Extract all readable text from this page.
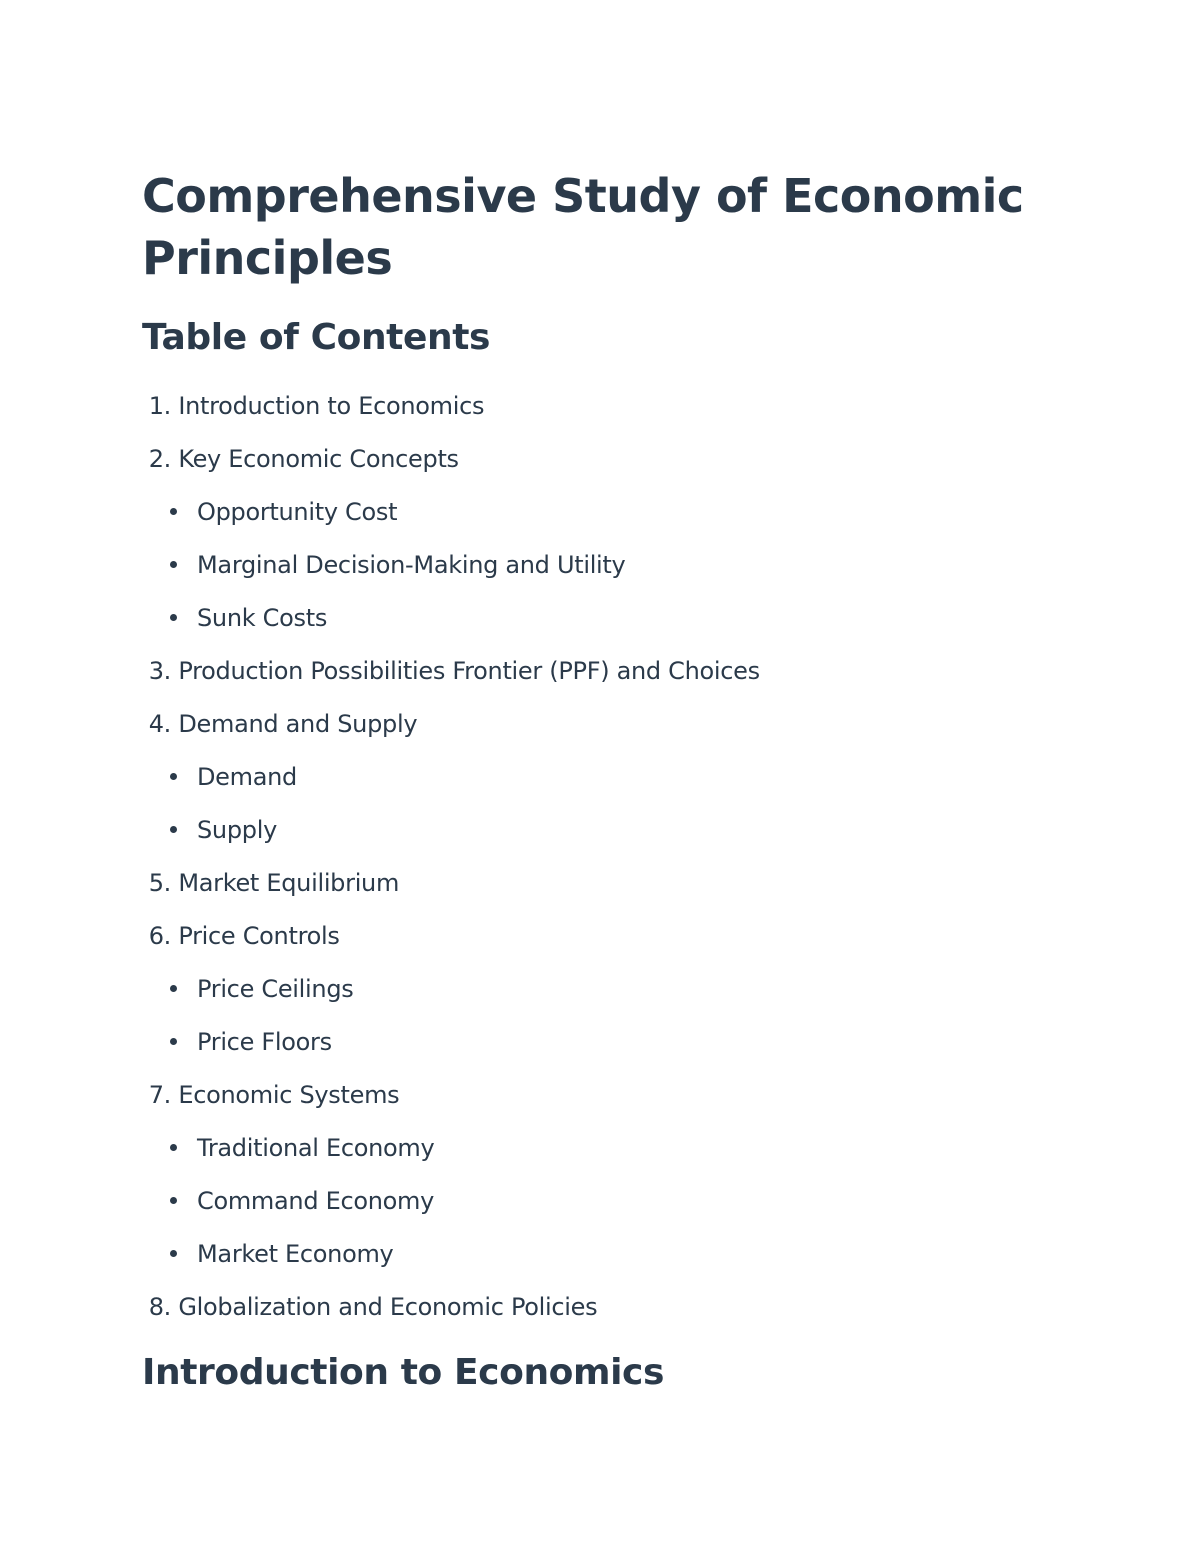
Comprehensive Study of Economic Principles
Table of Contents
1. Introduction to Economics
2. Key Economic Concepts
Opportunity Cost
Marginal Decision-Making and Utility
Sunk Costs
3. Production Possibilities Frontier (PPF) and Choices
4. Demand and Supply
Demand
Supply
5. Market Equilibrium
6. Price Controls
Price Ceilings
Price Floors
7. Economic Systems
Traditional Economy
Command Economy
Market Economy
8. Globalization and Economic Policies
Introduction to Economics
